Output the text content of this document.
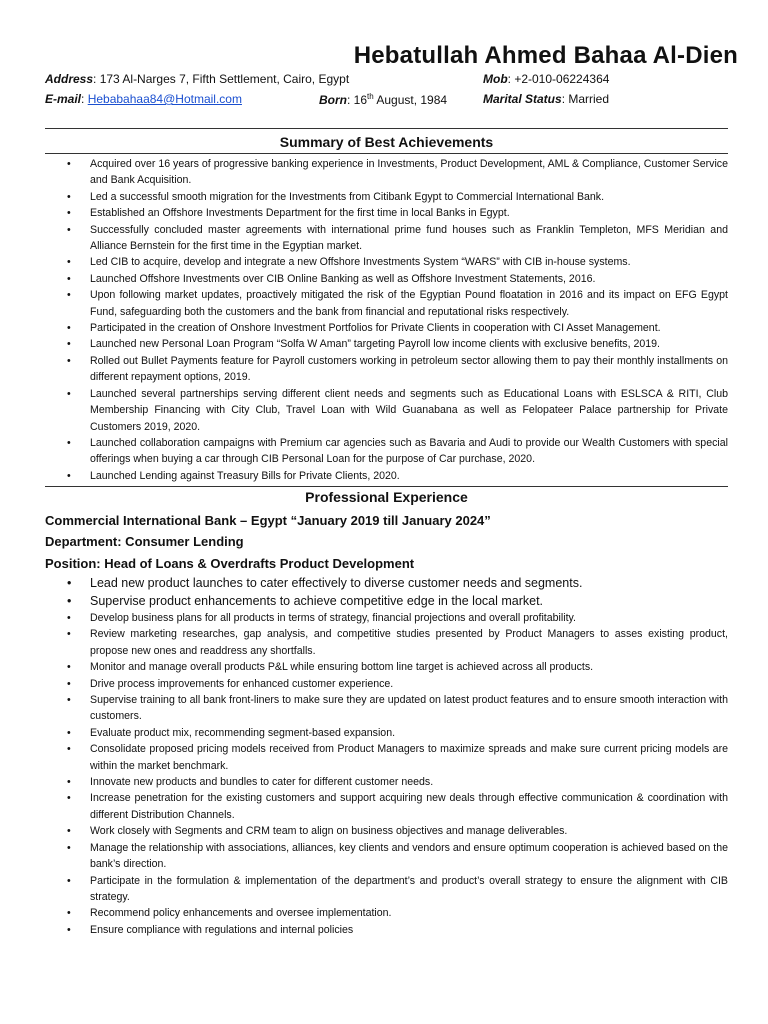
Hebatullah Ahmed Bahaa Al-Dien
Address: 173 Al-Narges 7, Fifth Settlement, Cairo, Egypt	Mob: +2-010-06224364
E-mail: Hebabahaa84@Hotmail.com	Born: 16th August, 1984	Marital Status: Married
Summary of Best Achievements
• Acquired over 16 years of progressive banking experience in Investments, Product Development, AML & Compliance, Customer Service and Bank Acquisition.
• Led a successful smooth migration for the Investments from Citibank Egypt to Commercial International Bank.
• Established an Offshore Investments Department for the first time in local Banks in Egypt.
• Successfully concluded master agreements with international prime fund houses such as Franklin Templeton, MFS Meridian and Alliance Bernstein for the first time in the Egyptian market.
• Led CIB to acquire, develop and integrate a new Offshore Investments System “WARS” with CIB in-house systems.
• Launched Offshore Investments over CIB Online Banking as well as Offshore Investment Statements, 2016.
• Upon following market updates, proactively mitigated the risk of the Egyptian Pound floatation in 2016 and its impact on EFG Egypt Fund, safeguarding both the customers and the bank from financial and reputational risks respectively.
• Participated in the creation of Onshore Investment Portfolios for Private Clients in cooperation with CI Asset Management.
• Launched new Personal Loan Program “Solfa W Aman” targeting Payroll low income clients with exclusive benefits, 2019.
• Rolled out Bullet Payments feature for Payroll customers working in petroleum sector allowing them to pay their monthly installments on different repayment options, 2019.
• Launched several partnerships serving different client needs and segments such as Educational Loans with ESLSCA & RITI, Club Membership Financing with City Club, Travel Loan with Wild Guanabana as well as Felopateer Palace partnership for Private Customers 2019, 2020.
• Launched collaboration campaigns with Premium car agencies such as Bavaria and Audi to provide our Wealth Customers with special offerings when buying a car through CIB Personal Loan for the purpose of Car purchase, 2020.
• Launched Lending against Treasury Bills for Private Clients, 2020.
Professional Experience
Commercial International Bank – Egypt “January 2019 till January 2024”
Department: Consumer Lending
Position: Head of Loans & Overdrafts Product Development
• Lead new product launches to cater effectively to diverse customer needs and segments.
• Supervise product enhancements to achieve competitive edge in the local market.
• Develop business plans for all products in terms of strategy, financial projections and overall profitability.
• Review marketing researches, gap analysis, and competitive studies presented by Product Managers to asses existing product, propose new ones and readdress any shortfalls.
• Monitor and manage overall products P&L while ensuring bottom line target is achieved across all products.
• Drive process improvements for enhanced customer experience.
• Supervise training to all bank front-liners to make sure they are updated on latest product features and to ensure smooth interaction with customers.
• Evaluate product mix, recommending segment-based expansion.
• Consolidate proposed pricing models received from Product Managers to maximize spreads and make sure current pricing models are within the market benchmark.
• Innovate new products and bundles to cater for different customer needs.
• Increase penetration for the existing customers and support acquiring new deals through effective communication & coordination with different Distribution Channels.
• Work closely with Segments and CRM team to align on business objectives and manage deliverables.
• Manage the relationship with associations, alliances, key clients and vendors and ensure optimum cooperation is achieved based on the bank’s direction.
• Participate in the formulation & implementation of the department’s and product’s overall strategy to ensure the alignment with CIB strategy.
• Recommend policy enhancements and oversee implementation.
• Ensure compliance with regulations and internal policies
